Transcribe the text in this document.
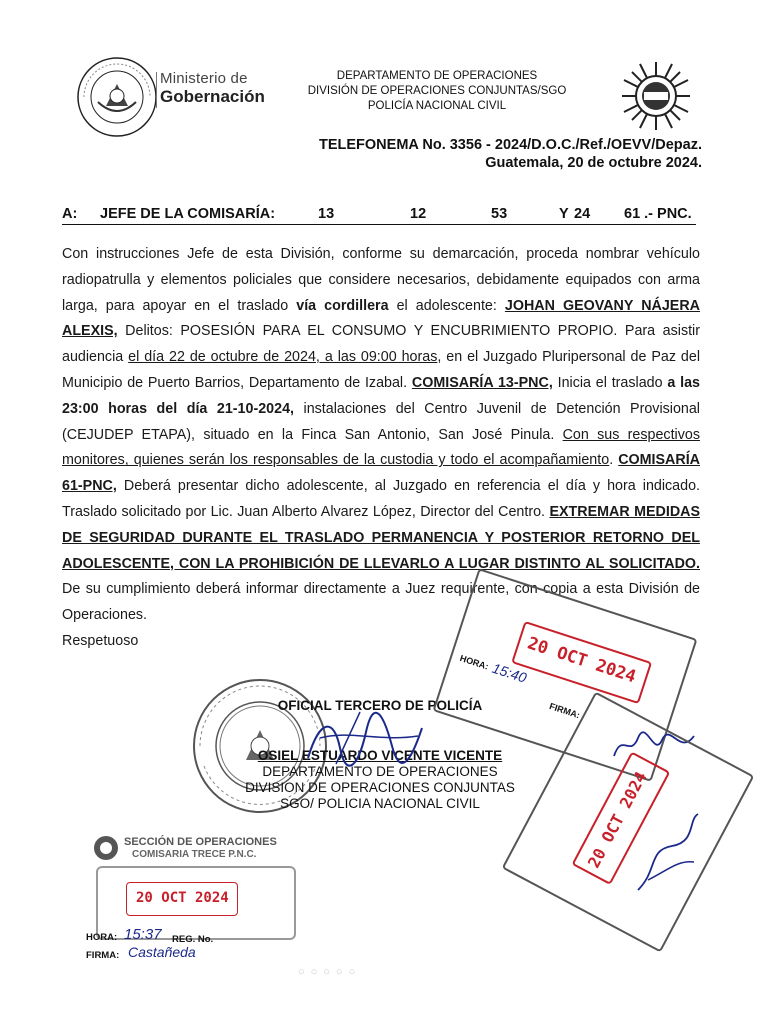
Ministerio de
Gobernación
DEPARTAMENTO DE OPERACIONES
DIVISIÓN DE OPERACIONES CONJUNTAS/SGO
POLICÍA NACIONAL CIVIL
TELEFONEMA No. 3356 - 2024/D.O.C./Ref./OEVV/Depaz.
Guatemala, 20 de octubre 2024.
A: JEFE DE LA COMISARÍA:	13	12	53	24
Y	61 .- PNC.
Con instrucciones Jefe de esta División, conforme su demarcación, proceda nombrar vehículo radiopatrulla y elementos policiales que considere necesarios, debidamente equipados con arma larga, para apoyar en el traslado vía cordillera el adolescente: JOHAN GEOVANY NÁJERA ALEXIS, Delitos: POSESIÓN PARA EL CONSUMO Y ENCUBRIMIENTO PROPIO. Para asistir audiencia el día 22 de octubre de 2024, a las 09:00 horas, en el Juzgado Pluripersonal de Paz del Municipio de Puerto Barrios, Departamento de Izabal. COMISARÍA 13-PNC, Inicia el traslado a las 23:00 horas del día 21-10-2024, instalaciones del Centro Juvenil de Detención Provisional (CEJUDEP ETAPA), situado en la Finca San Antonio, San José Pinula. Con sus respectivos monitores, quienes serán los responsables de la custodia y todo el acompañamiento. COMISARÍA 61-PNC, Deberá presentar dicho adolescente, al Juzgado en referencia el día y hora indicado. Traslado solicitado por Lic. Juan Alberto Alvarez López, Director del Centro. EXTREMAR MEDIDAS DE SEGURIDAD DURANTE EL TRASLADO PERMANENCIA Y POSTERIOR RETORNO DEL ADOLESCENTE, CON LA PROHIBICIÓN DE LLEVARLO A LUGAR DISTINTO AL SOLICITADO. De su cumplimiento deberá informar directamente a Juez requirente, con copia a esta División de Operaciones.
Respetuoso
OFICIAL TERCERO DE POLICÍA
OSIEL ESTUARDO VICENTE VICENTE
DEPARTAMENTO DE OPERACIONES
DIVISION DE OPERACIONES CONJUNTAS
SGO/ POLICIA NACIONAL CIVIL
20 OCT 2024
HORA: 15:40
FIRMA:
20 OCT 2024
SECCIÓN DE OPERACIONES
COMISARIA TRECE P.N.C.
20 OCT 2024
HORA: 15:37 REG. No.
FIRMA: Castañeda
○○○○○
